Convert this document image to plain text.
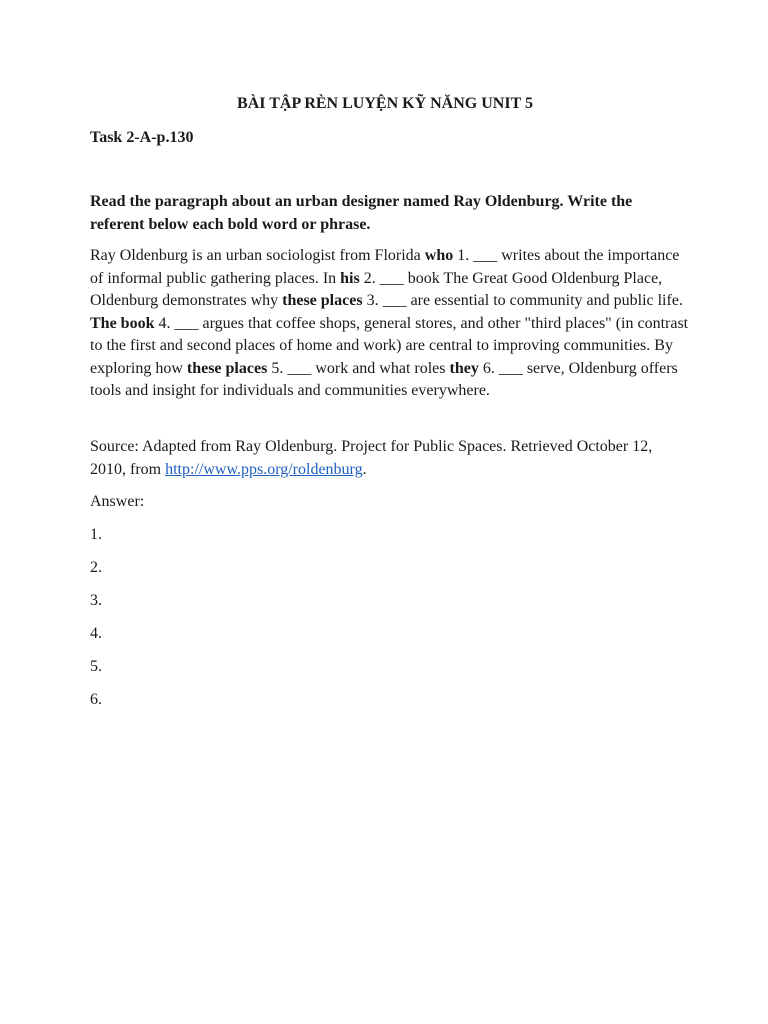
BÀI TẬP RÈN LUYỆN KỸ NĂNG UNIT 5

Task 2-A-p.130

Read the paragraph about an urban designer named Ray Oldenburg. Write the referent below each bold word or phrase.

Ray Oldenburg is an urban sociologist from Florida who 1. ___ writes about the importance of informal public gathering places. In his 2. ___ book The Great Good Oldenburg Place, Oldenburg demonstrates why these places 3. ___ are essential to community and public life. The book 4. ___ argues that coffee shops, general stores, and other "third places" (in contrast to the first and second places of home and work) are central to improving communities. By exploring how these places 5. ___ work and what roles they 6. ___ serve, Oldenburg offers tools and insight for individuals and communities everywhere.

Source: Adapted from Ray Oldenburg. Project for Public Spaces. Retrieved October 12, 2010, from http://www.pps.org/roldenburg.

Answer:

1.
2.
3.
4.
5.
6.
